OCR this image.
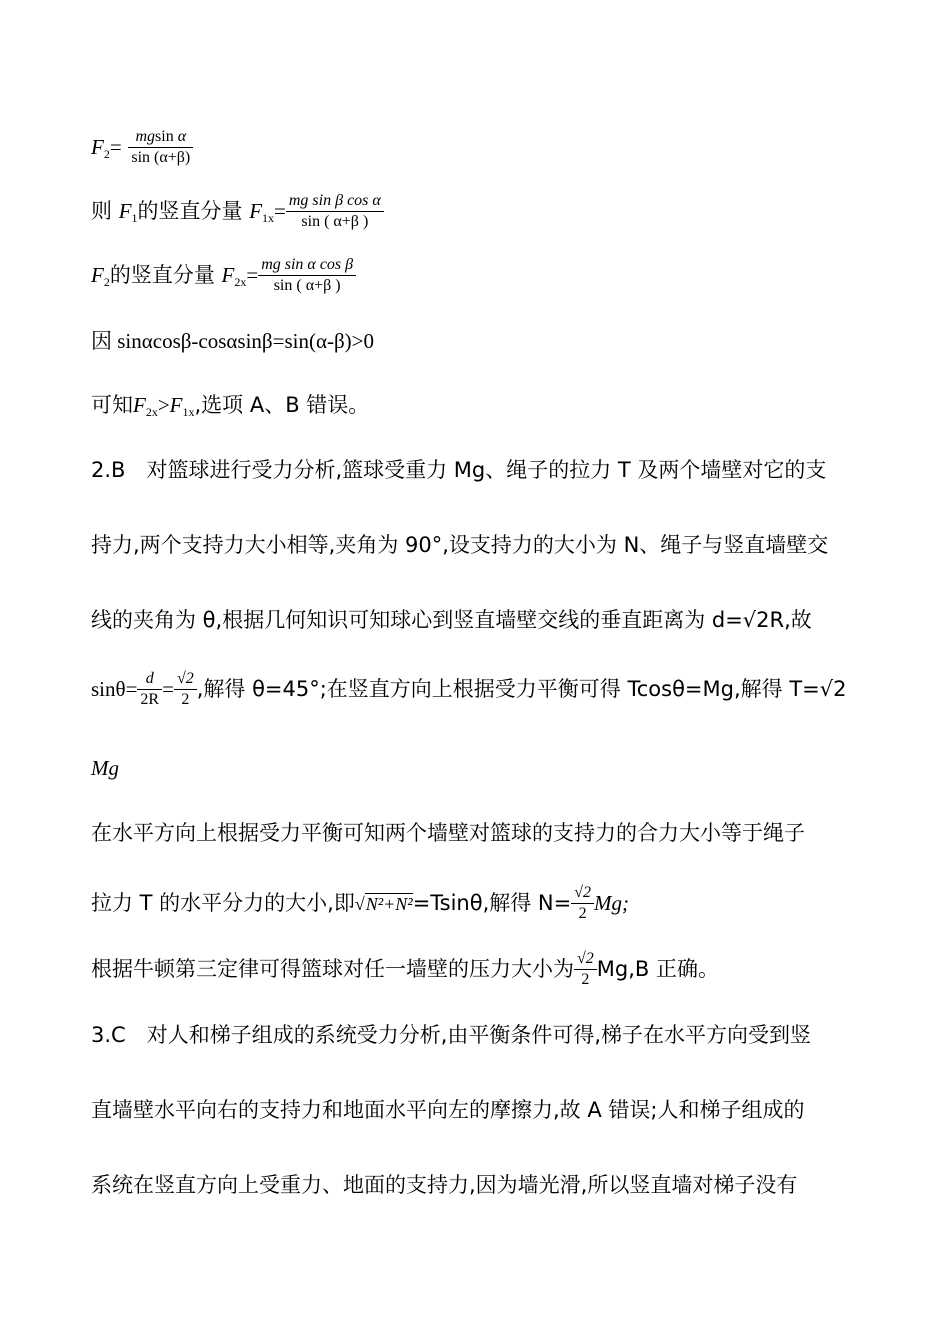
$F_2= \frac{\text{mgsin α}}{\sin (\alpha+\beta)}$
则 $F_1$的竖直分量 $F_{1x}= \frac{\text{mg sin β cos α}}{\sin ( \alpha+\beta )}$
$F_2$的竖直分量 $F_{2x}= \frac{\text{mg sin α cos β}}{\sin ( \alpha+\beta )}$
因 sinαcosβ-cosαsinβ=sin(α-β)>0
可知$F_{2x}>F_{1x}$,选项 A、B 错误。
2.B　对篮球进行受力分析,篮球受重力 Mg、绳子的拉力 T 及两个墙壁对它的支
持力,两个支持力大小相等,夹角为 90°,设支持力的大小为 N、绳子与竖直墙壁交
线的夹角为 θ,根据几何知识可知球心到竖直墙壁交线的垂直距离为 d=√2R,故
$\sin\theta= \frac{d}{2R} = \frac{√2}{2}$ ,解得 θ=45°;在竖直方向上根据受力平衡可得 Tcosθ=Mg,解得 T=√2
Mg
在水平方向上根据受力平衡可知两个墙壁对篮球的支持力的合力大小等于绳子
拉力 T 的水平分力的大小,即√N²+N²=Tsinθ,解得 $N= \frac{√2}{2} Mg$;
根据牛顿第三定律可得篮球对任一墙壁的压力大小为 $\frac{√2}{2} Mg,B$ 正确。
3.C　对人和梯子组成的系统受力分析,由平衡条件可得,梯子在水平方向受到竖
直墙壁水平向右的支持力和地面水平向左的摩擦力,故 A 错误;人和梯子组成的
系统在竖直方向上受重力、地面的支持力,因为墙光滑,所以竖直墙对梯子没有
